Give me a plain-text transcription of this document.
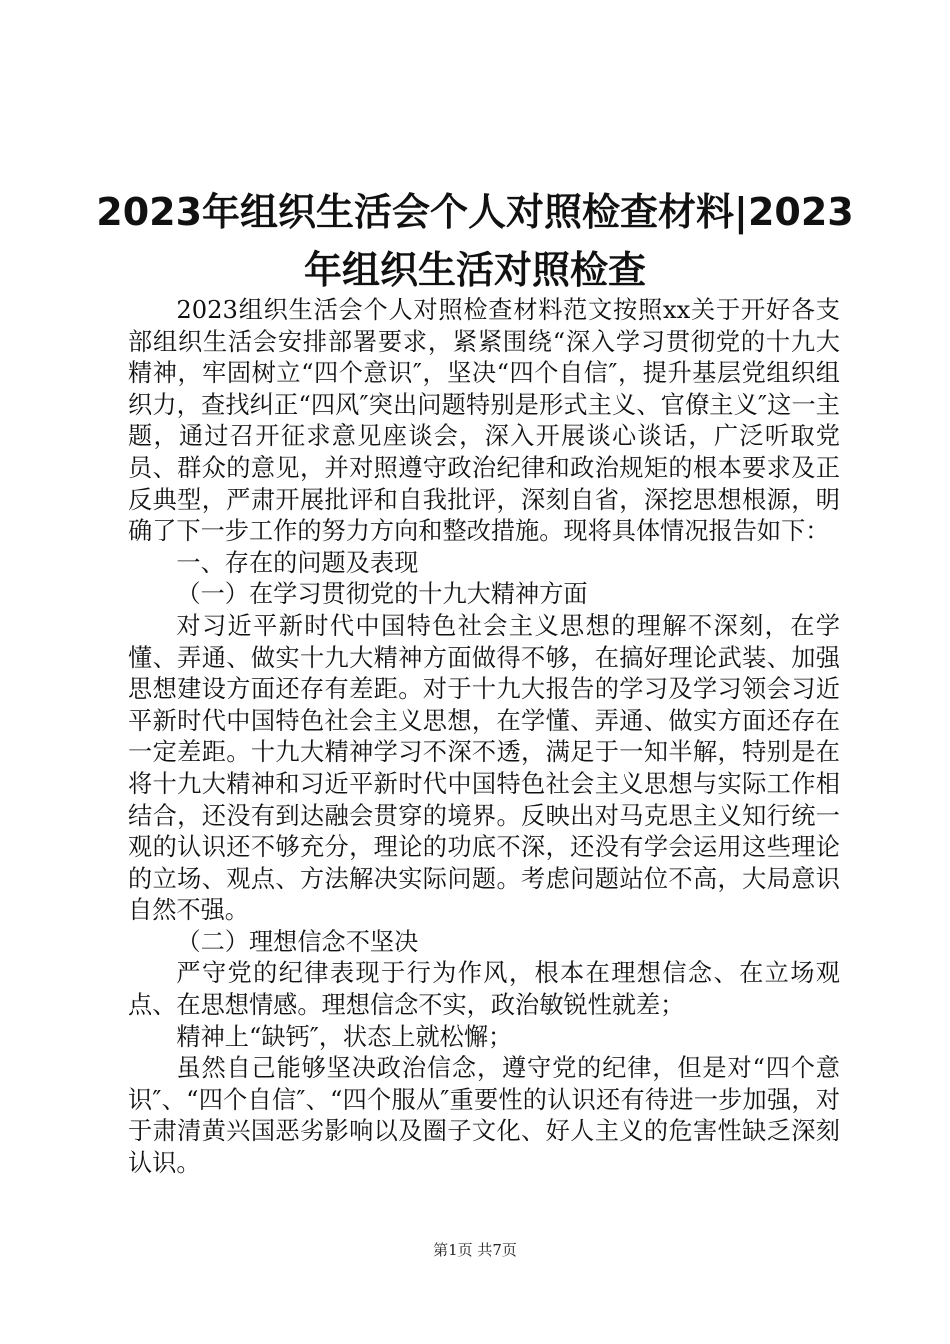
2023年组织生活会个人对照检查材料|2023年组织生活对照检查

2023组织生活会个人对照检查材料范文按照xx关于开好各支部组织生活会安排部署要求，紧紧围绕“深入学习贯彻党的十九大精神，牢固树立“四个意识″，坚决“四个自信″，提升基层党组织组织力，查找纠正“四风″突出问题特别是形式主义、官僚主义″这一主题，通过召开征求意见座谈会，深入开展谈心谈话，广泛听取党员、群众的意见，并对照遵守政治纪律和政治规矩的根本要求及正反典型，严肃开展批评和自我批评，深刻自省，深挖思想根源，明确了下一步工作的努力方向和整改措施。现将具体情况报告如下：

一、存在的问题及表现

（一）在学习贯彻党的十九大精神方面

对习近平新时代中国特色社会主义思想的理解不深刻，在学懂、弄通、做实十九大精神方面做得不够，在搞好理论武装、加强思想建设方面还存有差距。对于十九大报告的学习及学习领会习近平新时代中国特色社会主义思想，在学懂、弄通、做实方面还存在一定差距。十九大精神学习不深不透，满足于一知半解，特别是在将十九大精神和习近平新时代中国特色社会主义思想与实际工作相结合，还没有到达融会贯穿的境界。反映出对马克思主义知行统一观的认识还不够充分，理论的功底不深，还没有学会运用这些理论的立场、观点、方法解决实际问题。考虑问题站位不高，大局意识自然不强。

（二）理想信念不坚决

严守党的纪律表现于行为作风，根本在理想信念、在立场观点、在思想情感。理想信念不实，政治敏锐性就差；

精神上“缺钙″，状态上就松懈；

虽然自己能够坚决政治信念，遵守党的纪律，但是对“四个意识″、“四个自信″、“四个服从″重要性的认识还有待进一步加强，对于肃清黄兴国恶劣影响以及圈子文化、好人主义的危害性缺乏深刻认识。

第1页 共7页
